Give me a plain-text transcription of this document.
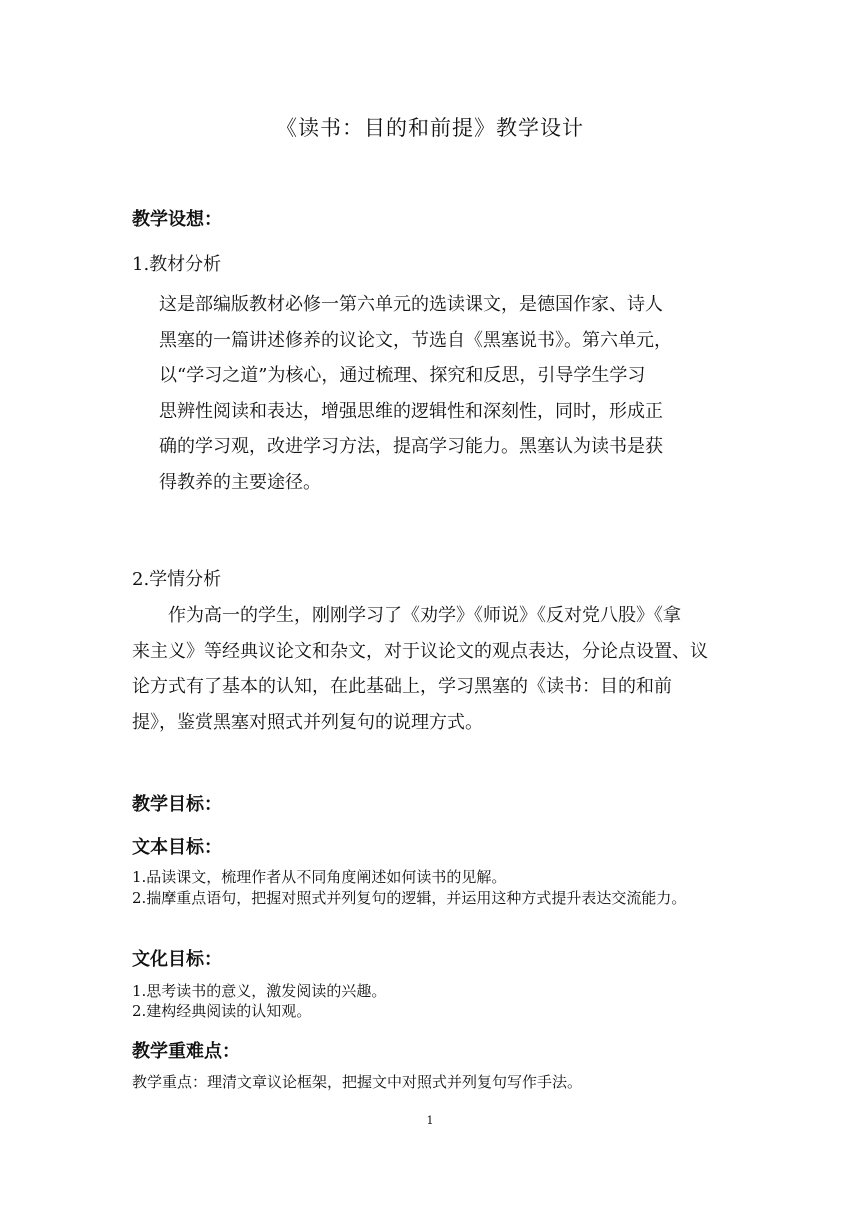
《读书：目的和前提》教学设计
教学设想：
1.教材分析
这是部编版教材必修一第六单元的选读课文，是德国作家、诗人
黑塞的一篇讲述修养的议论文，节选自《黑塞说书》。第六单元，
以“学习之道”为核心，通过梳理、探究和反思，引导学生学习
思辨性阅读和表达，增强思维的逻辑性和深刻性，同时，形成正
确的学习观，改进学习方法，提高学习能力。黑塞认为读书是获
得教养的主要途径。
2.学情分析
　　作为高一的学生，刚刚学习了《劝学》《师说》《反对党八股》《拿
来主义》等经典议论文和杂文，对于议论文的观点表达，分论点设置、议
论方式有了基本的认知，在此基础上，学习黑塞的《读书：目的和前
提》，鉴赏黑塞对照式并列复句的说理方式。
教学目标：
文本目标：
1.品读课文，梳理作者从不同角度阐述如何读书的见解。
2.揣摩重点语句，把握对照式并列复句的逻辑，并运用这种方式提升表达交流能力。
文化目标：
1.思考读书的意义，激发阅读的兴趣。
2.建构经典阅读的认知观。
教学重难点：
教学重点：理清文章议论框架，把握文中对照式并列复句写作手法。
1
